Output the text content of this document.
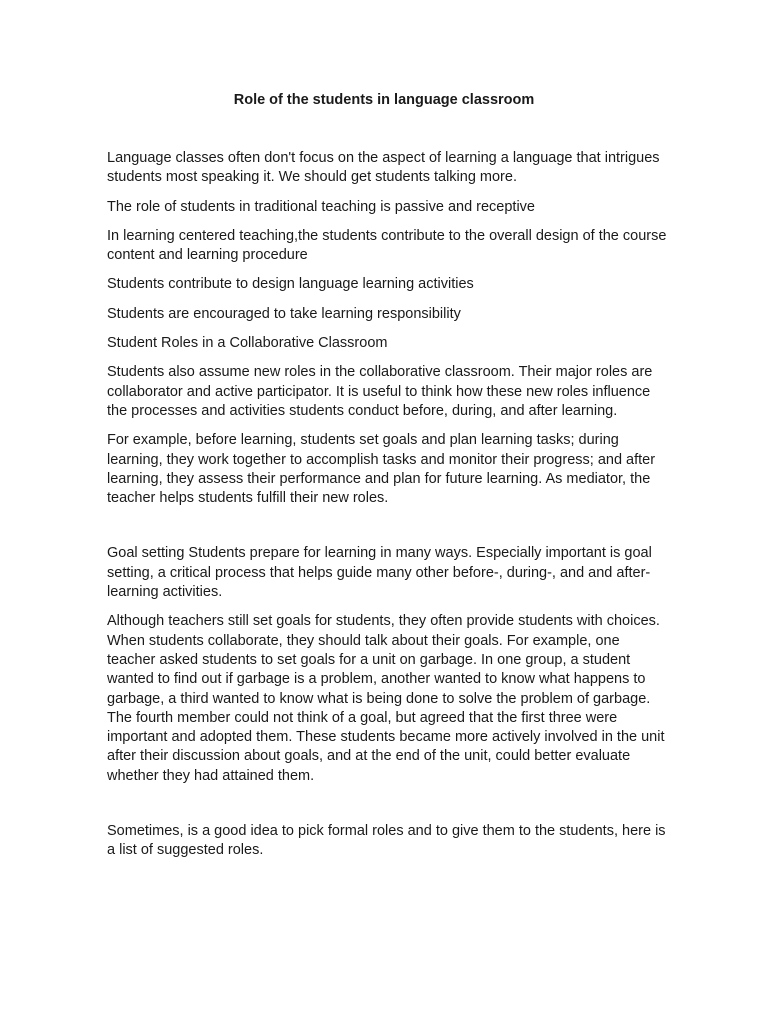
Role of the students in language classroom

Language classes often don't focus on the aspect of learning a language that intrigues students most speaking it. We should get students talking more.

The role of students in traditional teaching is passive and receptive

In learning centered teaching,the students contribute to the overall design of the course content and learning procedure

Students contribute to design language learning activities

Students are encouraged to take learning responsibility

Student Roles in a Collaborative Classroom

Students also assume new roles in the collaborative classroom. Their major roles are collaborator and active participator. It is useful to think how these new roles influence the processes and activities students conduct before, during, and after learning.

For example, before learning, students set goals and plan learning tasks; during learning, they work together to accomplish tasks and monitor their progress; and after learning, they assess their performance and plan for future learning. As mediator, the teacher helps students fulfill their new roles.

Goal setting Students prepare for learning in many ways. Especially important is goal setting, a critical process that helps guide many other before-, during-, and and after-learning activities.

Although teachers still set goals for students, they often provide students with choices. When students collaborate, they should talk about their goals. For example, one teacher asked students to set goals for a unit on garbage. In one group, a student wanted to find out if garbage is a problem, another wanted to know what happens to garbage, a third wanted to know what is being done to solve the problem of garbage. The fourth member could not think of a goal, but agreed that the first three were important and adopted them. These students became more actively involved in the unit after their discussion about goals, and at the end of the unit, could better evaluate whether they had attained them.

Sometimes, is a good idea to pick formal roles and to give them to the students, here is a list of suggested roles.
